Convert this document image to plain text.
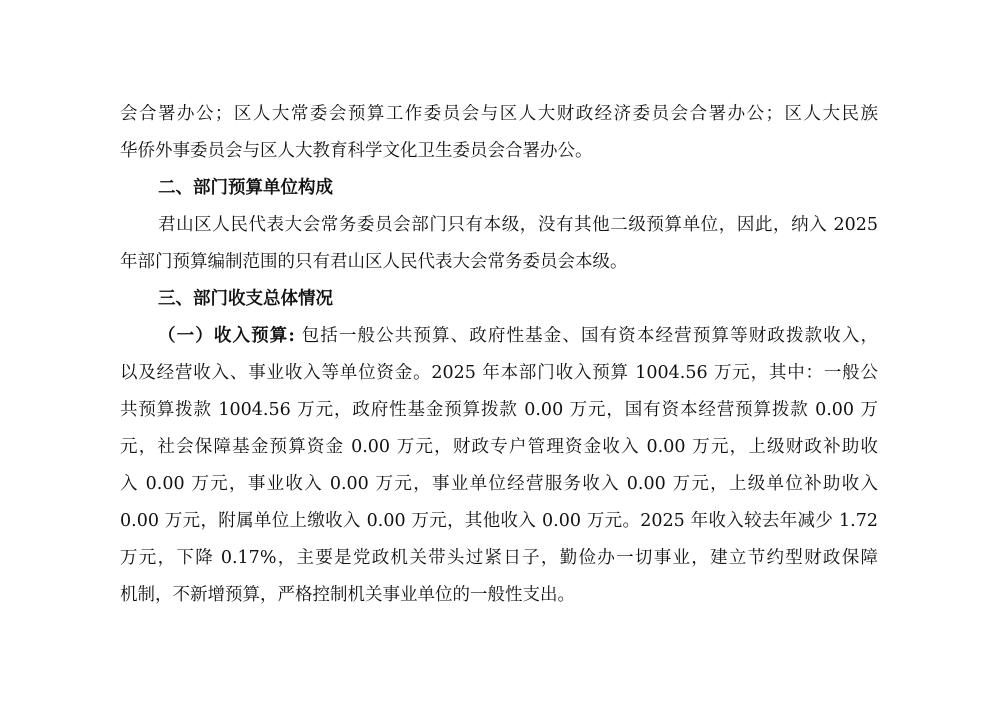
会合署办公；区人大常委会预算工作委员会与区人大财政经济委员会合署办公；区人大民族
华侨外事委员会与区人大教育科学文化卫生委员会合署办公。
二、部门预算单位构成
君山区人民代表大会常务委员会部门只有本级，没有其他二级预算单位，因此，纳入 2025
年部门预算编制范围的只有君山区人民代表大会常务委员会本级。
三、部门收支总体情况
（一）收入预算: 包括一般公共预算、政府性基金、国有资本经营预算等财政拨款收入，
以及经营收入、事业收入等单位资金。2025 年本部门收入预算 1004.56 万元，其中：一般公
共预算拨款 1004.56 万元，政府性基金预算拨款 0.00 万元，国有资本经营预算拨款 0.00 万
元，社会保障基金预算资金 0.00 万元，财政专户管理资金收入 0.00 万元，上级财政补助收
入 0.00 万元，事业收入 0.00 万元，事业单位经营服务收入 0.00 万元，上级单位补助收入
0.00 万元，附属单位上缴收入 0.00 万元，其他收入 0.00 万元。2025 年收入较去年减少 1.72
万元，下降 0.17%，主要是党政机关带头过紧日子，勤俭办一切事业，建立节约型财政保障
机制，不新增预算，严格控制机关事业单位的一般性支出。
